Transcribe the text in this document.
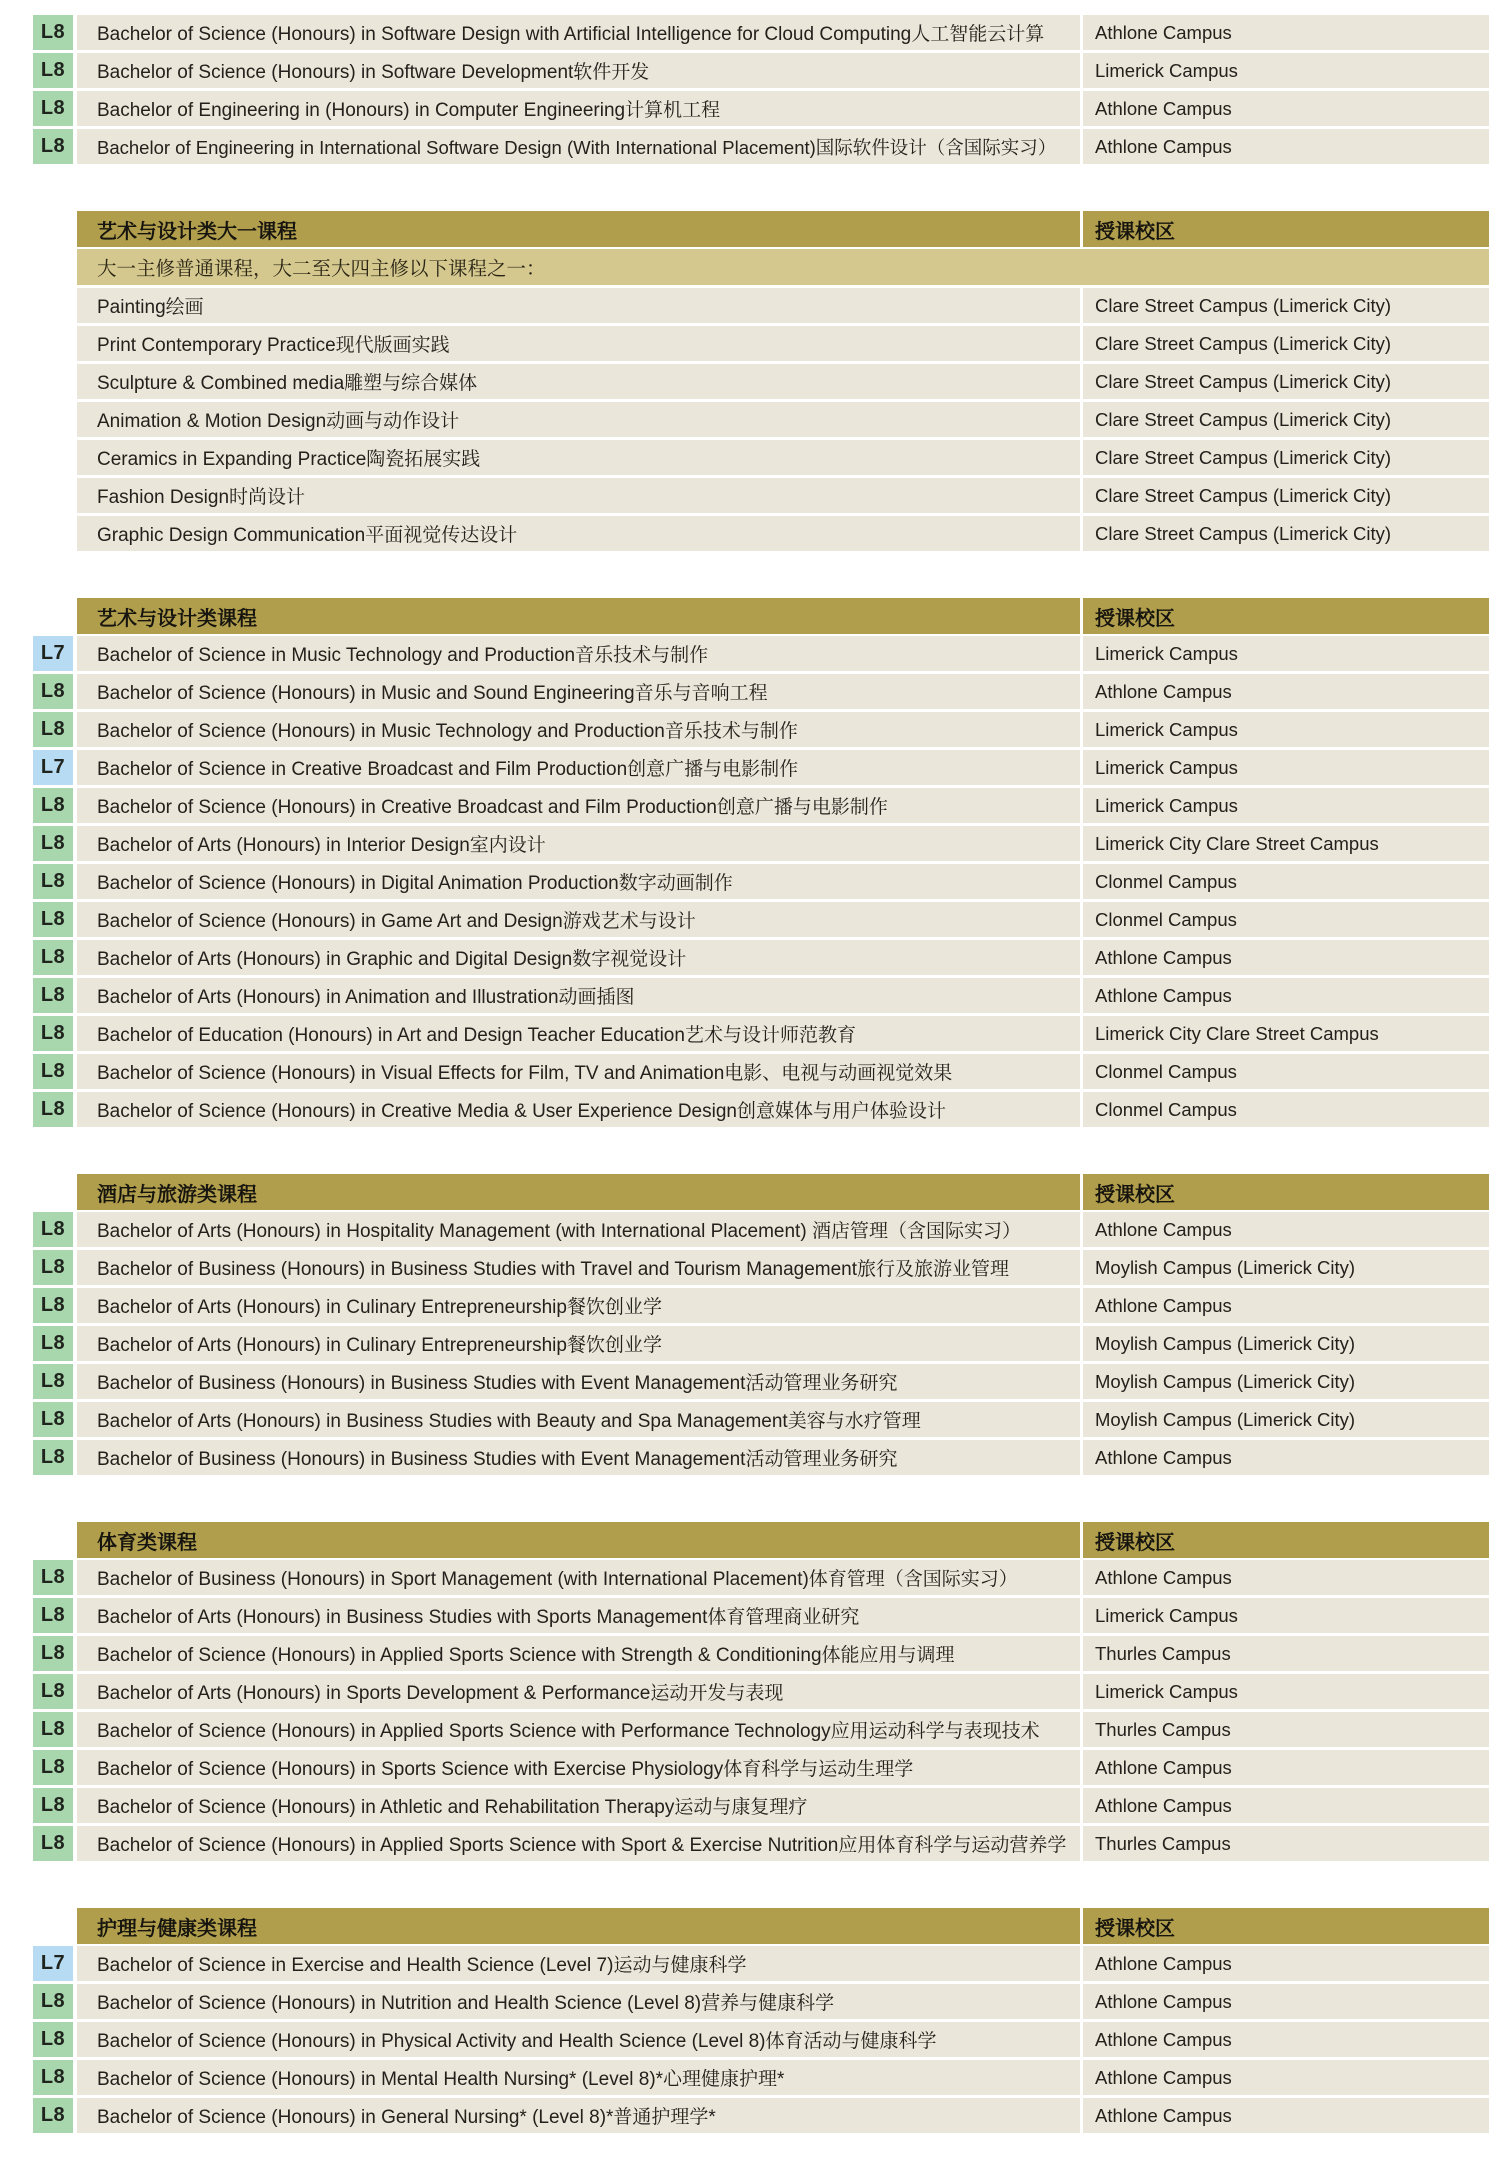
L8	Bachelor of Science (Honours) in Software Design with Artificial Intelligence for Cloud Computing人工智能云计算	Athlone Campus
L8	Bachelor of Science (Honours) in Software Development软件开发	Limerick Campus
L8	Bachelor of Engineering in (Honours) in Computer Engineering计算机工程	Athlone Campus
L8	Bachelor of Engineering in International Software Design (With International Placement)国际软件设计（含国际实习）	Athlone Campus
艺术与设计类大一课程	授课校区
大一主修普通课程，大二至大四主修以下课程之一：
Painting绘画	Clare Street Campus (Limerick City)
Print Contemporary Practice现代版画实践	Clare Street Campus (Limerick City)
Sculpture & Combined media雕塑与综合媒体	Clare Street Campus (Limerick City)
Animation & Motion Design动画与动作设计	Clare Street Campus (Limerick City)
Ceramics in Expanding Practice陶瓷拓展实践	Clare Street Campus (Limerick City)
Fashion Design时尚设计	Clare Street Campus (Limerick City)
Graphic Design Communication平面视觉传达设计	Clare Street Campus (Limerick City)
艺术与设计类课程	授课校区
L7	Bachelor of Science in Music Technology and Production音乐技术与制作	Limerick Campus
L8	Bachelor of Science (Honours) in Music and Sound Engineering音乐与音响工程	Athlone Campus
L8	Bachelor of Science (Honours) in Music Technology and Production音乐技术与制作	Limerick Campus
L7	Bachelor of Science in Creative Broadcast and Film Production创意广播与电影制作	Limerick Campus
L8	Bachelor of Science (Honours) in Creative Broadcast and Film Production创意广播与电影制作	Limerick Campus
L8	Bachelor of Arts (Honours) in Interior Design室内设计	Limerick City Clare Street Campus
L8	Bachelor of Science (Honours) in Digital Animation Production数字动画制作	Clonmel Campus
L8	Bachelor of Science (Honours) in Game Art and Design游戏艺术与设计	Clonmel Campus
L8	Bachelor of Arts (Honours) in Graphic and Digital Design数字视觉设计	Athlone Campus
L8	Bachelor of Arts (Honours) in Animation and Illustration动画插图	Athlone Campus
L8	Bachelor of Education (Honours) in Art and Design Teacher Education艺术与设计师范教育	Limerick City Clare Street Campus
L8	Bachelor of Science (Honours) in Visual Effects for Film, TV and Animation电影、电视与动画视觉效果	Clonmel Campus
L8	Bachelor of Science (Honours) in Creative Media & User Experience Design创意媒体与用户体验设计	Clonmel Campus
酒店与旅游类课程	授课校区
L8	Bachelor of Arts (Honours) in Hospitality Management (with International Placement) 酒店管理（含国际实习）	Athlone Campus
L8	Bachelor of Business (Honours) in Business Studies with Travel and Tourism Management旅行及旅游业管理	Moylish Campus (Limerick City)
L8	Bachelor of Arts (Honours) in Culinary Entrepreneurship餐饮创业学	Athlone Campus
L8	Bachelor of Arts (Honours) in Culinary Entrepreneurship餐饮创业学	Moylish Campus (Limerick City)
L8	Bachelor of Business (Honours) in Business Studies with Event Management活动管理业务研究	Moylish Campus (Limerick City)
L8	Bachelor of Arts (Honours) in Business Studies with Beauty and Spa Management美容与水疗管理	Moylish Campus (Limerick City)
L8	Bachelor of Business (Honours) in Business Studies with Event Management活动管理业务研究	Athlone Campus
体育类课程	授课校区
L8	Bachelor of Business (Honours) in Sport Management (with International Placement)体育管理（含国际实习）	Athlone Campus
L8	Bachelor of Arts (Honours) in Business Studies with Sports Management体育管理商业研究	Limerick Campus
L8	Bachelor of Science (Honours) in Applied Sports Science with Strength & Conditioning体能应用与调理	Thurles Campus
L8	Bachelor of Arts (Honours) in Sports Development & Performance运动开发与表现	Limerick Campus
L8	Bachelor of Science (Honours) in Applied Sports Science with Performance Technology应用运动科学与表现技术	Thurles Campus
L8	Bachelor of Science (Honours) in Sports Science with Exercise Physiology体育科学与运动生理学	Athlone Campus
L8	Bachelor of Science (Honours) in Athletic and Rehabilitation Therapy运动与康复理疗	Athlone Campus
L8	Bachelor of Science (Honours) in Applied Sports Science with Sport & Exercise Nutrition应用体育科学与运动营养学	Thurles Campus
护理与健康类课程	授课校区
L7	Bachelor of Science in Exercise and Health Science (Level 7)运动与健康科学	Athlone Campus
L8	Bachelor of Science (Honours) in Nutrition and Health Science (Level 8)营养与健康科学	Athlone Campus
L8	Bachelor of Science (Honours) in Physical Activity and Health Science (Level 8)体育活动与健康科学	Athlone Campus
L8	Bachelor of Science (Honours) in Mental Health Nursing* (Level 8)*心理健康护理*	Athlone Campus
L8	Bachelor of Science (Honours) in General Nursing* (Level 8)*普通护理学*	Athlone Campus
